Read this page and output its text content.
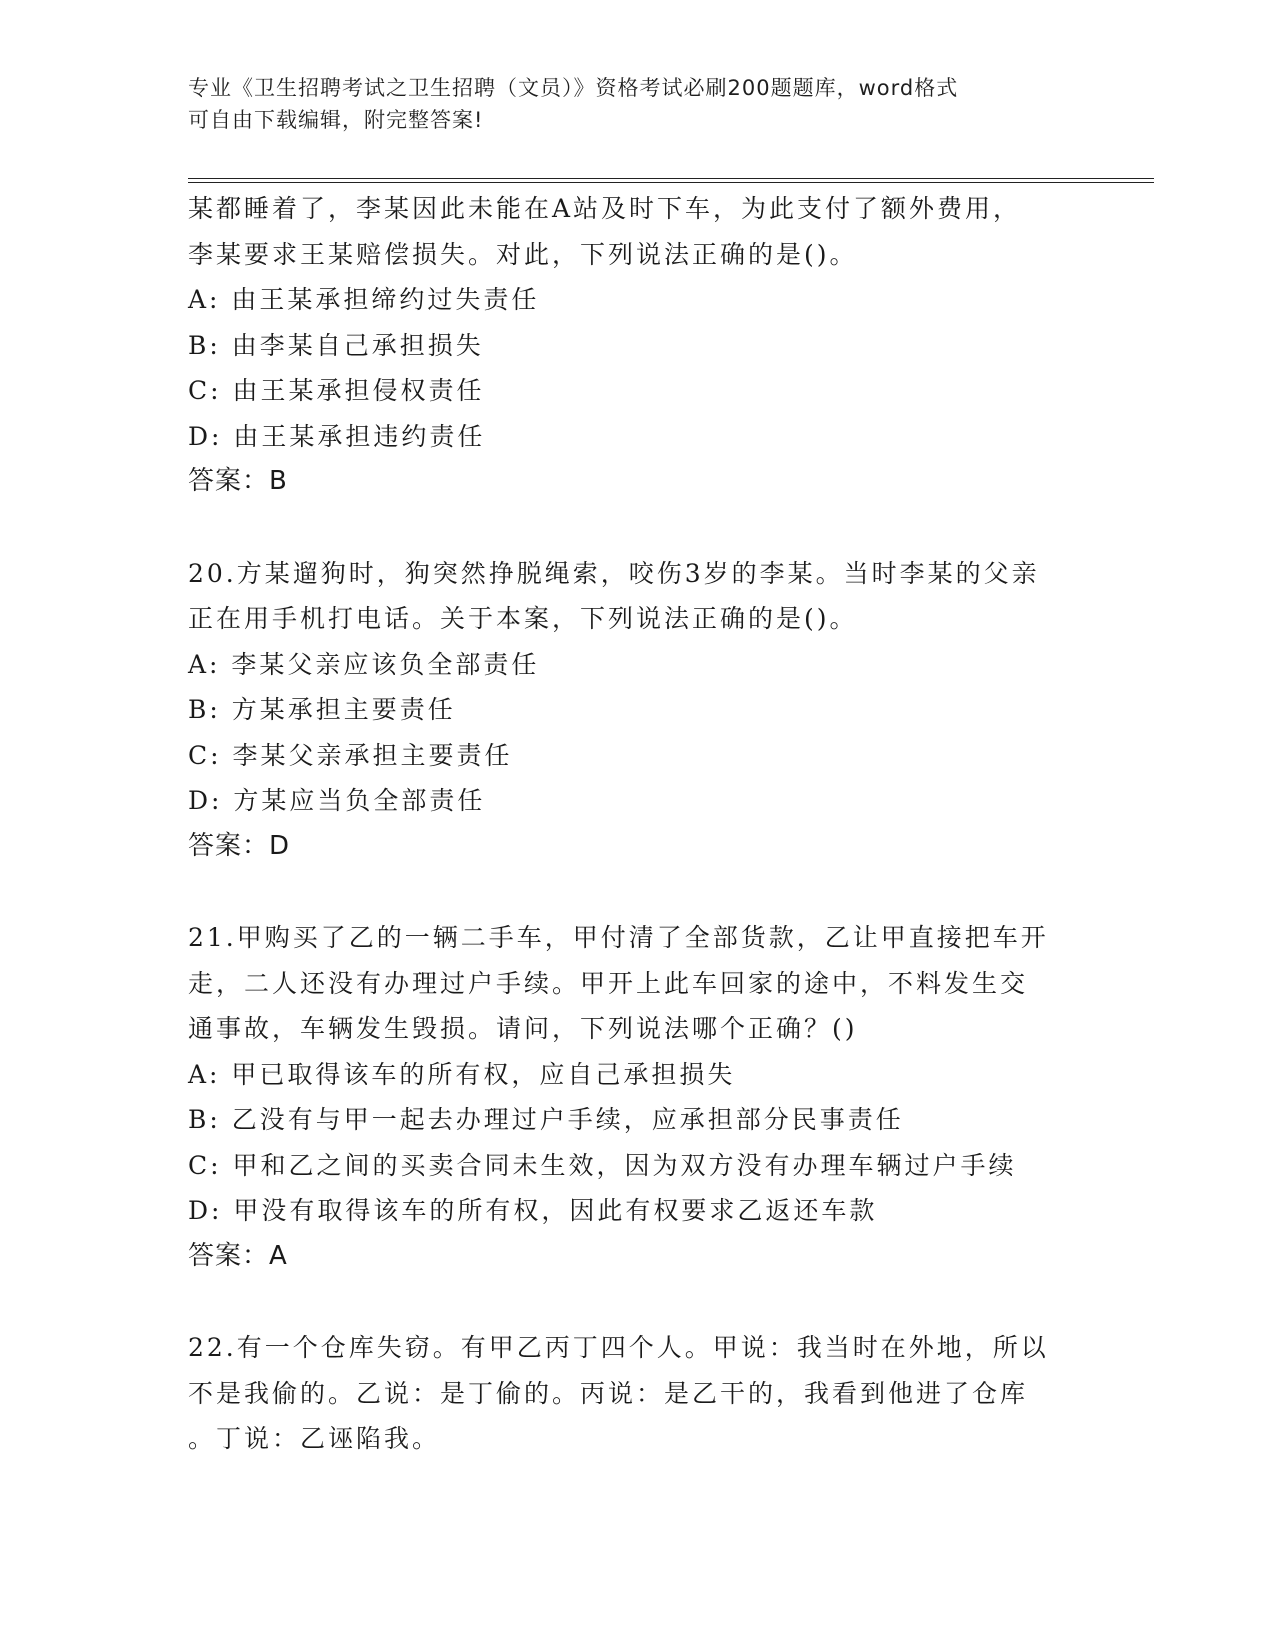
专业《卫生招聘考试之卫生招聘（文员）》资格考试必刷200题题库，word格式
可自由下载编辑，附完整答案!
某都睡着了，李某因此未能在A站及时下车，为此支付了额外费用，
李某要求王某赔偿损失。对此，下列说法正确的是()。
A: 由王某承担缔约过失责任
B: 由李某自己承担损失
C: 由王某承担侵权责任
D: 由王某承担违约责任
答案：B
20.方某遛狗时，狗突然挣脱绳索，咬伤3岁的李某。当时李某的父亲
正在用手机打电话。关于本案，下列说法正确的是()。
A: 李某父亲应该负全部责任
B: 方某承担主要责任
C: 李某父亲承担主要责任
D: 方某应当负全部责任
答案：D
21.甲购买了乙的一辆二手车，甲付清了全部货款，乙让甲直接把车开
走，二人还没有办理过户手续。甲开上此车回家的途中，不料发生交
通事故，车辆发生毁损。请问，下列说法哪个正确？()
A: 甲已取得该车的所有权，应自己承担损失
B: 乙没有与甲一起去办理过户手续，应承担部分民事责任
C: 甲和乙之间的买卖合同未生效，因为双方没有办理车辆过户手续
D: 甲没有取得该车的所有权，因此有权要求乙返还车款
答案：A
22.有一个仓库失窃。有甲乙丙丁四个人。甲说：我当时在外地，所以
不是我偷的。乙说：是丁偷的。丙说：是乙干的，我看到他进了仓库
。丁说：乙诬陷我。
